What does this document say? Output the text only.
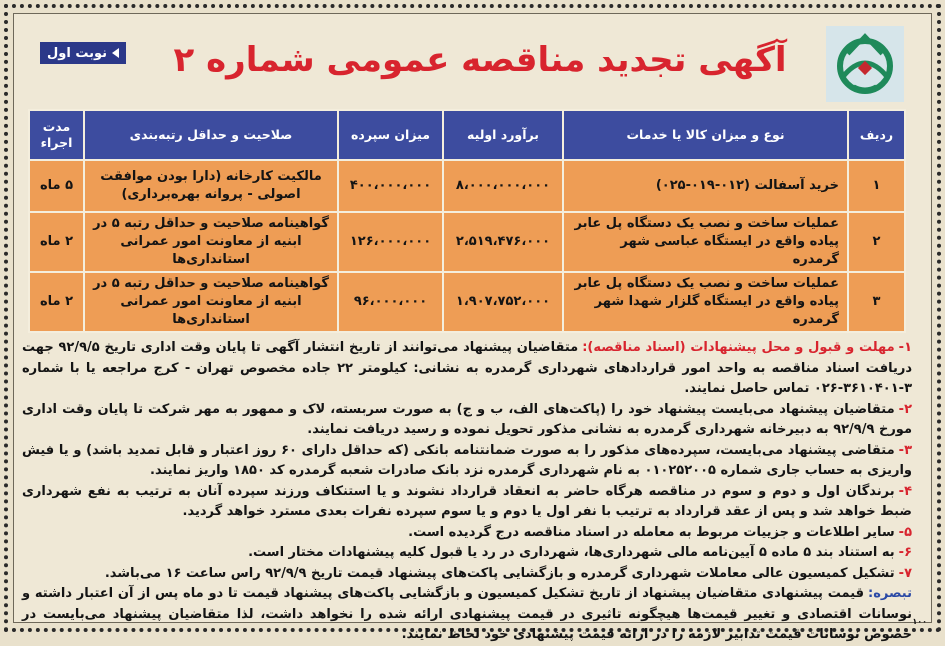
آگهی تجدید مناقصه عمومی شماره ۲
نوبت اول
ردیف	نوع و میزان کالا یا خدمات	برآورد اولیه	میزان سپرده	صلاحیت و حداقل رتبه‌بندی	مدت اجراء
۱	خرید آسفالت (۰۱۲-۰۱۹-۰۲۵)	۸،۰۰۰،۰۰۰،۰۰۰	۴۰۰،۰۰۰،۰۰۰	مالکیت کارخانه (دارا بودن موافقت اصولی - پروانه بهره‌برداری)	۵ ماه
۲	عملیات ساخت و نصب یک دستگاه پل عابر پیاده واقع در ایستگاه عباسی شهر گرمدره	۲،۵۱۹،۴۷۶،۰۰۰	۱۲۶،۰۰۰،۰۰۰	گواهینامه صلاحیت و حداقل رتبه ۵ در ابنیه از معاونت امور عمرانی استانداری‌ها	۲ ماه
۳	عملیات ساخت و نصب یک دستگاه پل عابر پیاده واقع در ایستگاه گلزار شهدا شهر گرمدره	۱،۹۰۷،۷۵۲،۰۰۰	۹۶،۰۰۰،۰۰۰	گواهینامه صلاحیت و حداقل رتبه ۵ در ابنیه از معاونت امور عمرانی استانداری‌ها	۲ ماه

۱-مهلت و قبول و محل پیشنهادات (اسناد مناقصه):متقاضیان پیشنهاد می‌توانند از تاریخ انتشار آگهی تا پایان وقت اداری تاریخ ۹۲/۹/۵ جهت دریافت اسناد مناقصه به واحد امور قراردادهای شهرداری گرمدره به نشانی: کیلومتر ۲۲ جاده مخصوص تهران - کرج مراجعه یا با شماره ۳-۳۶۱۰۴۰۱-۰۲۶ تماس حاصل نمایند.

۲-متقاضیان پیشنهاد می‌بایست پیشنهاد خود را (پاکت‌های الف، ب و ج) به صورت سربسته، لاک و ممهور به مهر شرکت تا پایان وقت اداری مورخ ۹۲/۹/۹ به دبیرخانه شهرداری گرمدره به نشانی مذکور تحویل نموده و رسید دریافت نمایند.

۳-متقاضی پیشنهاد می‌بایست، سپرده‌های مذکور را به صورت ضمانتنامه بانکی (که حداقل دارای ۶۰ روز اعتبار و قابل تمدید باشد) و یا فیش واریزی به حساب جاری شماره ۰۱۰۲۵۲۰۰۵ به نام شهرداری گرمدره نزد بانک صادرات شعبه گرمدره کد ۱۸۵۰ واریز نمایند.

۴-برندگان اول و دوم و سوم در مناقصه هرگاه حاضر به انعقاد قرارداد نشوند و یا استنکاف ورزند سپرده آنان به ترتیب به نفع شهرداری ضبط خواهد شد و پس از عقد قرارداد به ترتیب با نفر اول یا دوم و یا سوم سپرده نفرات بعدی مسترد خواهد گردید.

۵-سایر اطلاعات و جزییات مربوط به معامله در اسناد مناقصه درج گردیده است.

۶-به استناد بند ۵ ماده ۵ آیین‌نامه مالی شهرداری‌ها، شهرداری در رد یا قبول کلیه پیشنهادات مختار است.

۷-تشکیل کمیسیون عالی معاملات شهرداری گرمدره و بازگشایی پاکت‌های پیشنهاد قیمت تاریخ ۹۲/۹/۹ راس ساعت ۱۶ می‌باشد.

تبصره:قیمت پیشنهادی متقاضیان پیشنهاد از تاریخ تشکیل کمیسیون و بازگشایی پاکت‌های پیشنهاد قیمت تا دو ماه پس از آن اعتبار داشته و نوسانات اقتصادی و تغییر قیمت‌ها هیچگونه تاثیری در قیمت پیشنهادی ارائه شده را نخواهد داشت، لذا متقاضیان پیشنهاد می‌بایست در خصوص نوسانات قیمت تدابیر لازمه را در ارائه قیمت پیشنهادی خود لحاظ نمایند.

۱۰۰
